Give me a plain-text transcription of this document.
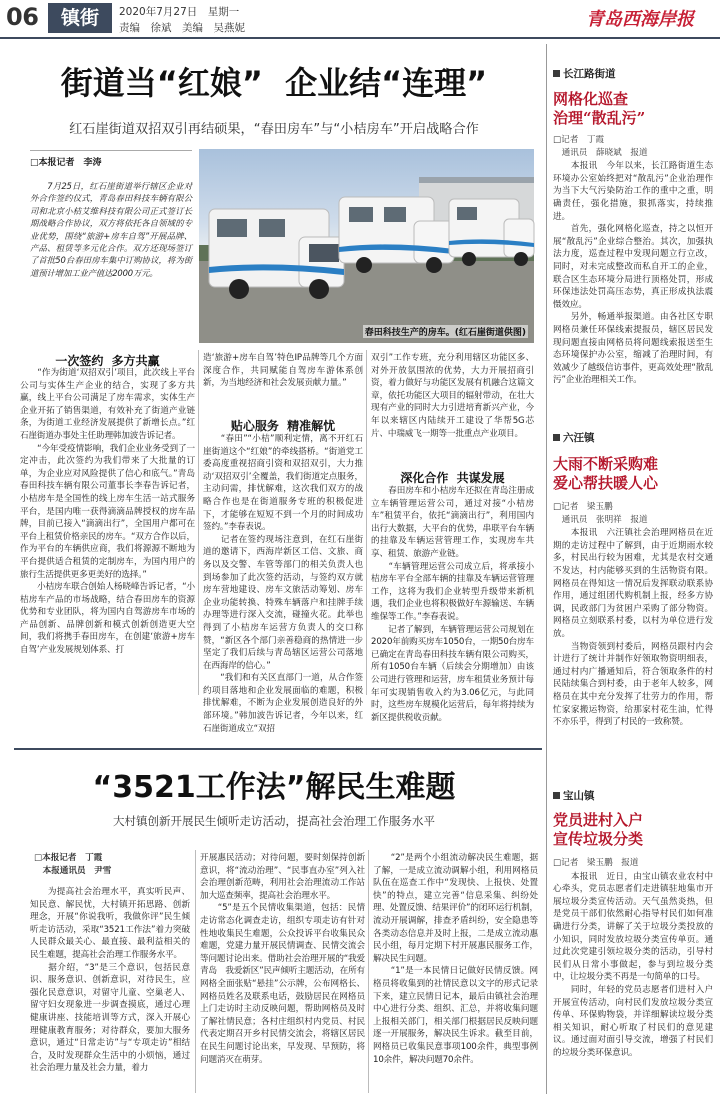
06	镇街	2020年7月27日　星期一
责编　徐斌　美编　吴燕妮	青岛西海岸报
街道当“红娘”  企业结“连理”
红石崖街道双招双引再结硕果，“春田房车”与“小桔房车”开启战略合作
□本报记者　李涛
　　7月25日，红石崖街道举行辖区企业对外合作签约仪式，青岛春田科技车辆有限公司和北京小桔艾维科技有限公司正式签订长期战略合作协议，双方将依托各自领域的专业优势，围绕“旅游+房车自驾”开展品牌、产品、租赁等多元化合作。双方还现场签订了首批50台春田房车集中订购协议，将为街道预计增加工业产值达2000万元。
春田科技生产的房车。(红石崖街道供图)
一次签约  多方共赢
　　“作为街道‘双招双引’项目，此次线上平台公司与实体生产企业的结合，实现了多方共赢，线上平台公司满足了房车需求，实体生产企业开拓了销售渠道，有效补充了街道产业链条，为街道工业经济发展提供了新增长点。”红石崖街道办事处主任助理韩加波告诉记者。
　　“今年受疫情影响，我们企业业务受到了一定冲击，此次签约为我们带来了大批量的订单，为企业应对风险提供了信心和底气。”青岛春田科技车辆有限公司董事长李春告诉记者，小桔房车是全国性的线上房车生活一站式服务平台，是国内唯一获得滴滴品牌授权的房车品牌，目前已接入“滴滴出行”，全国用户都可在平台上租赁价格亲民的房车。“双方合作以后，作为平台的车辆供应商，我们将源源不断地为平台提供适合租赁的定制房车，为国内用户的旅行生活提供更多更美好的选择。”
　　小桔房车联合创始人杨晓峰告诉记者，“小桔房车产品的市场战略，结合春田房车的资源优势和专业团队，将为国内自驾游房车市场的产品创新、品牌创新和模式创新创造更大空间，我们将携手春田房车，在创建‘旅游+房车自驾’产业发展规划体系、打
造‘旅游+房车自驾’特色IP品牌等几个方面深度合作，共同赋能自驾房车游体系创新，为当地经济和社会发展贡献力量。”
贴心服务  精准解忧
　　“春田”“小桔”顺利定情，离不开红石崖街道这个“红娘”的牵线搭桥。“街道党工委高度重视招商引资和双招双引，大力推动‘双招双引’全覆盖，我们街道定点服务，主动问需，排忧解难，这次我们双方的战略合作也是在街道服务专班的积极促进下，才能够在短短不到一个月的时间成功签约。”李春表说。
　　记者在签约现场注意到，在红石崖街道的邀请下，西海岸新区工信、文旅、商务以及交警、车管等部门的相关负责人也到场参加了此次签约活动，与签约双方就房车营地建设、房车文旅活动筹划、房车企业功能转换、特殊车辆落户和挂牌手续办理等进行深入交流，碰撞火花。此举也得到了小桔房车运营方负责人的交口称赞，“新区各个部门亲善稳商的热情进一步坚定了我们后续与青岛辖区运营公司落地在西海岸的信心。”
　　“我们和有关区直部门一道，从合作签约项目落地和企业发展面临的难题，积极排忧解难，不断为企业发展创造良好的外部环境。”韩加波告诉记者，今年以来，红石崖街道成立“双招
双引”工作专班，充分利用辖区功能区多、对外开放氛围浓的优势，大力开展招商引资，着力做好与功能区发展有机融合这篇文章，依托功能区大项目的辐射带动，在壮大现有产业的同时大力引进培育新兴产业，今年以来辖区内陆续开工建设了华帮5G芯片、中瑞威飞一期等一批重点产业项目。
深化合作  共谋发展
　　春田房车和小桔房车还拟在青岛注册成立车辆管理运营公司，通过对接“小桔房车”租赁平台，依托“滴滴出行”，利用国内出行大数据，大平台的优势，串联平台车辆的挂靠及车辆运营管理工作，实现房车共享、租赁、旅游产业链。
　　“车辆管理运营公司成立后，将承接小桔房车平台全部车辆的挂靠及车辆运营管理工作，这将为我们企业转型升级带来新机遇，我们企业也将积极做好车源输送、车辆维保等工作。”李春表说。
　　记者了解到，车辆管理运营公司规划在2020年前购买房车1050台，一期50台房车已确定在青岛春田科技车辆有限公司购买，所有1050台车辆（后续会分期增加）由该公司进行管理和运营，房车租赁业务预计每年可实现销售收入约为3.06亿元，与此同时，这些房车规模化运营后，每年将持续为新区提供税收贡献。
“3521工作法”解民生难题
大村镇创新开展民生倾听走访活动，提高社会治理工作服务水平
□本报记者　丁霞
　本报通讯员　尹雪
　　为提高社会治理水平，真实听民声、知民意、解民忧，大村镇开拓思路、创新理念，开展“你说我听，我做你评”民生倾听走访活动，采取“3521工作法”着力突破人民群众最关心、最直接、最利益相关的民生难题，提高社会治理工作服务水平。
　　据介绍，“3”是三个意识，包括民意识、服务意识、创新意识，对待民生，应强化民意意识，对留守儿童、空巢老人、留守妇女现象进一步调查摸底，通过心理健康讲座、技能培训等方式，深入开展心理健康教育服务；对待群众，要加大服务意识，通过“日常走访”与“专项走访”相结合，及时发现群众生活中的小烦恼，通过社会治理力量及社会力量，着力
开展惠民活动；对待问题，要时刻保持创新意识，将“流动治理”、“民事直办室”列入社会治理创新范畴，利用社会治理流动工作站加大巡查频率，提高社会治理水平。
　　“5”是五个民情收集渠道，包括：民情走访常态化调查走访，组织专项走访有针对性地收集民生难题，公众投诉平台收集民众难题，党建力量开展民情调查、民情交流会等问题讨论出来。借助社会治理开展的“我爱青岛　我爱新区”民声倾听主题活动，在所有网格全面张贴“悬挂”公示牌，公布网格长、网格员姓名及联系电话，鼓励居民在网格员上门走访时主动反映问题，帮助网格员及时了解社情民意；各村庄组织村内党员、村民代表定期召开乡村民情交流会，将辖区居民在民生问题讨论出来，早发现、早预防，将问题消灭在萌芽。
　　“2”是两个小组流动解决民生难题，据了解，一是成立流动调解小组，利用网格员队伍在巡查工作中“发现快、上报快、处置快”的特点，建立完善“信息采集、纠纷处理、处置反馈、结果评价”的闭环运行机制，流动开展调解，排查矛盾纠纷，安全隐患等各类动态信息并及时上报，二是成立流动惠民小组，每月定期下村开展惠民服务工作，解决民生问题。
　　“1”是一本民情日记做好民情反馈。网格员将收集到的社情民意以文字的形式记录下来，建立民情日记本，最后由镇社会治理中心进行分类、组织、汇总，并将收集问题上报相关部门，相关部门根据居民反映问题逐一开展服务，解决民生诉求。截至目前，网格员已收集民意事项100余件，典型事例10余件，解决问题70余件。
长江路街道
网格化巡查
治理“散乱污”
□记者　丁霞
　通讯员　薛晓斌　报道
　　本报讯　今年以来，长江路街道生态环境办公室始终把对“散乱污”企业治理作为当下大气污染防治工作的重中之重，明确责任，强化措施，狠抓落实，持续推进。
　　首先，强化网格化巡查，持之以恒开展“散乱污”企业综合整治。其次，加强执法力度，巡查过程中发现问题立行立改，同时，对未完成整改而私自开工的企业，联合区生态环境分局进行顶格处罚，形成环保违法处罚高压态势，真正形成执法震慑效应。
　　另外，畅通举报渠道。由各社区专职网格员兼任环保线索提报员，辖区居民发现问题直接由网格员将问题线索报送至生态环境保护办公室，缩减了治理时间，有效减少了越级信访事件，更高效处理“散乱污”企业治理相关工作。
六汪镇
大雨不断采购难
爱心帮扶暖人心
□记者　梁玉鹏
　通讯员　张明祥　报道
　　本报讯　六汪镇社会治理网格员在近期的走访过程中了解到，由于近期雨水较多，村民出行较为困难，尤其是农村交通不发达，村内能够买到的生活物资有限。网格员在得知这一情况后发挥联动联系协作用，通过组团代购机制上报，经多方协调，民政部门为贫困户采购了部分物资。网格员立刻联系村委，以村为单位进行发放。
　　当物资领到村委后，网格员跟村内会计进行了统计并制作好领取物资明细表，通过村内广播通知后，符合领取条件的村民陆续集合到村委，由于老年人较多，网格员在其中充分发挥了壮劳力的作用，帮忙家家搬运物资，给那家村花生油，忙得不亦乐乎，得到了村民的一致称赞。
宝山镇
党员进村入户
宣传垃圾分类
□记者　梁玉鹏　报道
　　本报讯　近日，由宝山镇农业农村中心牵头，党员志愿者们走进镇驻地集市开展垃圾分类宣传活动。天气虽然炎热，但是党员干部们依然耐心指导村民们如何准确进行分类，讲解了关于垃圾分类投放的小知识，同时发放垃圾分类宣传单页。通过此次党建引领垃圾分类的活动，引导村民们从日常小事做起，参与到垃圾分类中，让垃圾分类不再是一句简单的口号。
　　同时，年轻的党员志愿者们进村入户开展宣传活动，向村民们发放垃圾分类宣传单、环保购物袋，并详细解读垃圾分类相关知识，耐心听取了村民们的意见建议。通过面对面引导交流，增强了村民们的垃圾分类环保意识。
